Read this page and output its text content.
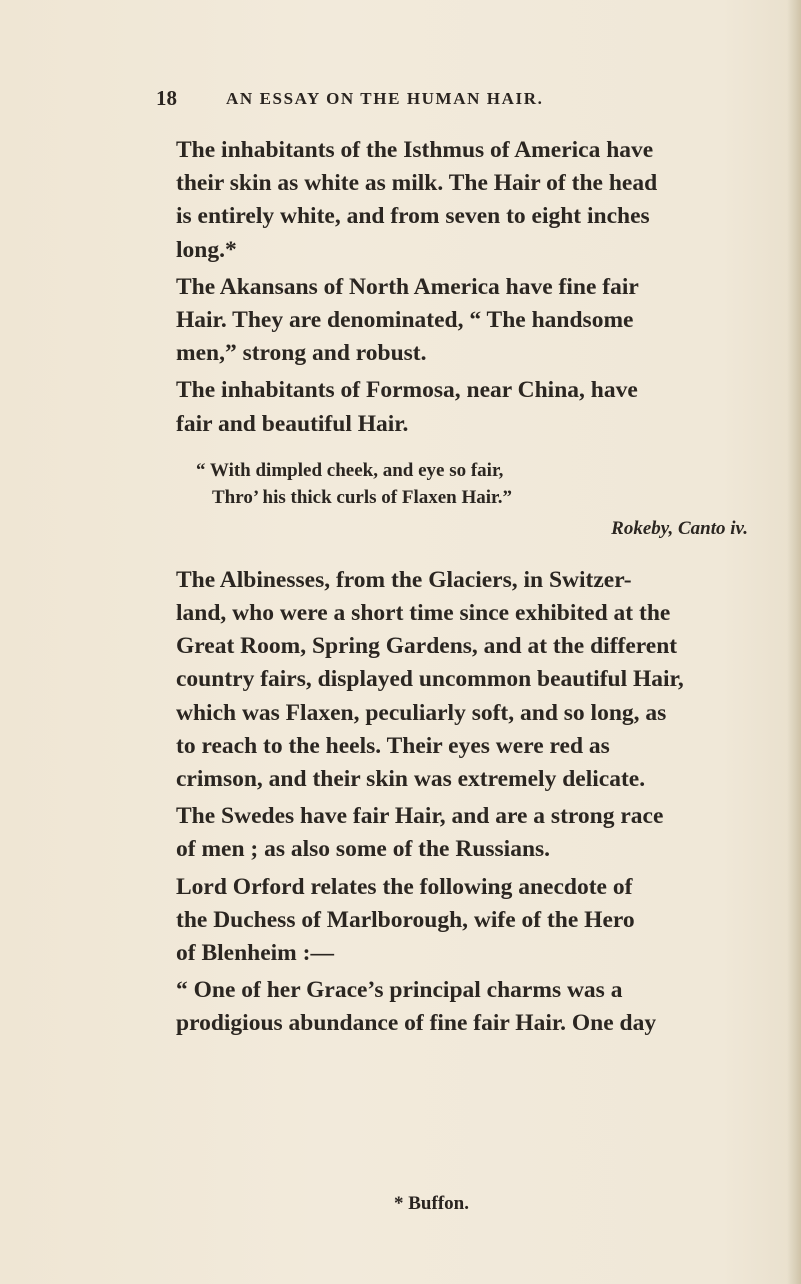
18	AN ESSAY ON THE HUMAN HAIR.
The inhabitants of the Isthmus of America have
their skin as white as milk. The Hair of the head
is entirely white, and from seven to eight inches
long.*
The Akansans of North America have fine fair
Hair. They are denominated, “ The handsome
men,” strong and robust.
The inhabitants of Formosa, near China, have
fair and beautiful Hair.
“ With dimpled cheek, and eye so fair,
Thro’ his thick curls of Flaxen Hair.”
Rokeby, Canto iv.
The Albinesses, from the Glaciers, in Switzer-
land, who were a short time since exhibited at the
Great Room, Spring Gardens, and at the different
country fairs, displayed uncommon beautiful Hair,
which was Flaxen, peculiarly soft, and so long, as
to reach to the heels. Their eyes were red as
crimson, and their skin was extremely delicate.
The Swedes have fair Hair, and are a strong race
of men ; as also some of the Russians.
Lord Orford relates the following anecdote of
the Duchess of Marlborough, wife of the Hero
of Blenheim :—
“ One of her Grace’s principal charms was a
prodigious abundance of fine fair Hair. One day
* Buffon.
